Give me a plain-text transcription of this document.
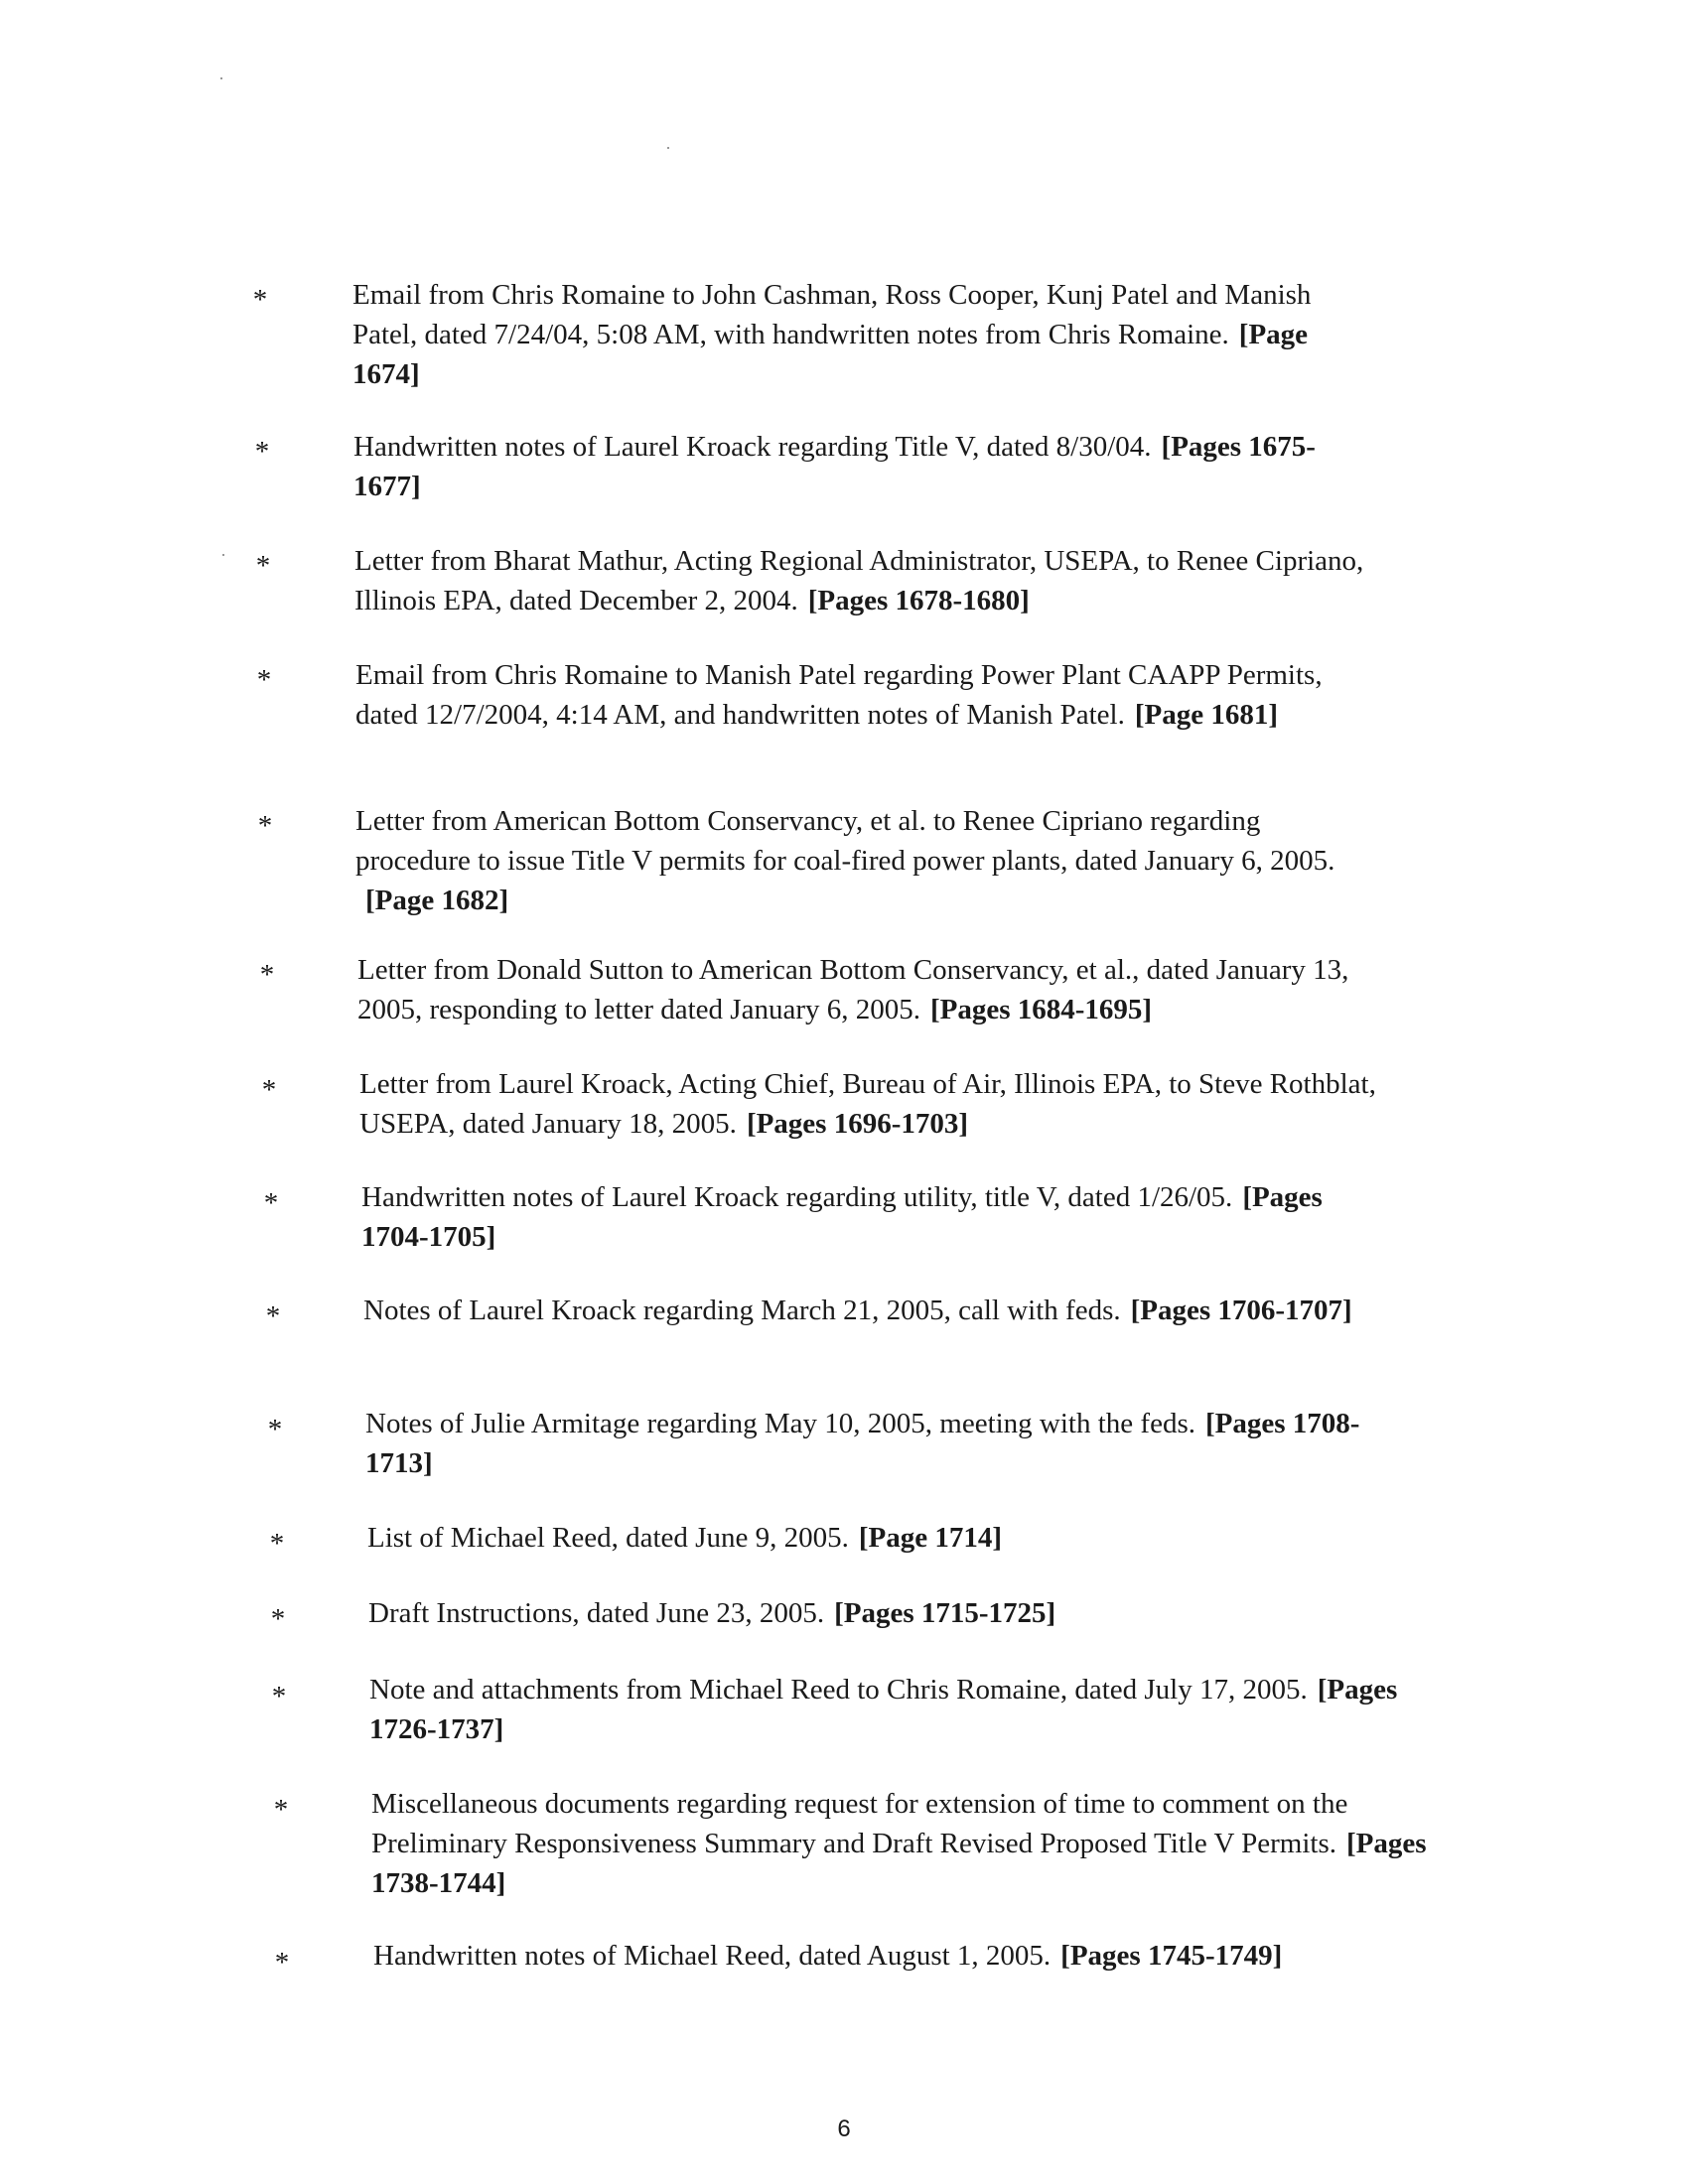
*	Email from Chris Romaine to John Cashman, Ross Cooper, Kunj Patel and Manish Patel, dated 7/24/04, 5:08 AM, with handwritten notes from Chris Romaine. [Page 1674]
*	Handwritten notes of Laurel Kroack regarding Title V, dated 8/30/04. [Pages 1675-1677]
*	Letter from Bharat Mathur, Acting Regional Administrator, USEPA, to Renee Cipriano, Illinois EPA, dated December 2, 2004. [Pages 1678-1680]
*	Email from Chris Romaine to Manish Patel regarding Power Plant CAAPP Permits, dated 12/7/2004, 4:14 AM, and handwritten notes of Manish Patel. [Page 1681]
*	Letter from American Bottom Conservancy, et al. to Renee Cipriano regarding procedure to issue Title V permits for coal-fired power plants, dated January 6, 2005.[Page 1682]
*	Letter from Donald Sutton to American Bottom Conservancy, et al., dated January 13, 2005, responding to letter dated January 6, 2005. [Pages 1684-1695]
*	Letter from Laurel Kroack, Acting Chief, Bureau of Air, Illinois EPA, to Steve Rothblat, USEPA, dated January 18, 2005. [Pages 1696-1703]
*	Handwritten notes of Laurel Kroack regarding utility, title V, dated 1/26/05. [Pages 1704-1705]
*	Notes of Laurel Kroack regarding March 21, 2005, call with feds. [Pages 1706-1707]
*	Notes of Julie Armitage regarding May 10, 2005, meeting with the feds. [Pages 1708-1713]
*	List of Michael Reed, dated June 9, 2005. [Page 1714]
*	Draft Instructions, dated June 23, 2005. [Pages 1715-1725]
*	Note and attachments from Michael Reed to Chris Romaine, dated July 17, 2005. [Pages 1726-1737]
*	Miscellaneous documents regarding request for extension of time to comment on the Preliminary Responsiveness Summary and Draft Revised Proposed Title V Permits. [Pages 1738-1744]
*	Handwritten notes of Michael Reed, dated August 1, 2005. [Pages 1745-1749]
6
